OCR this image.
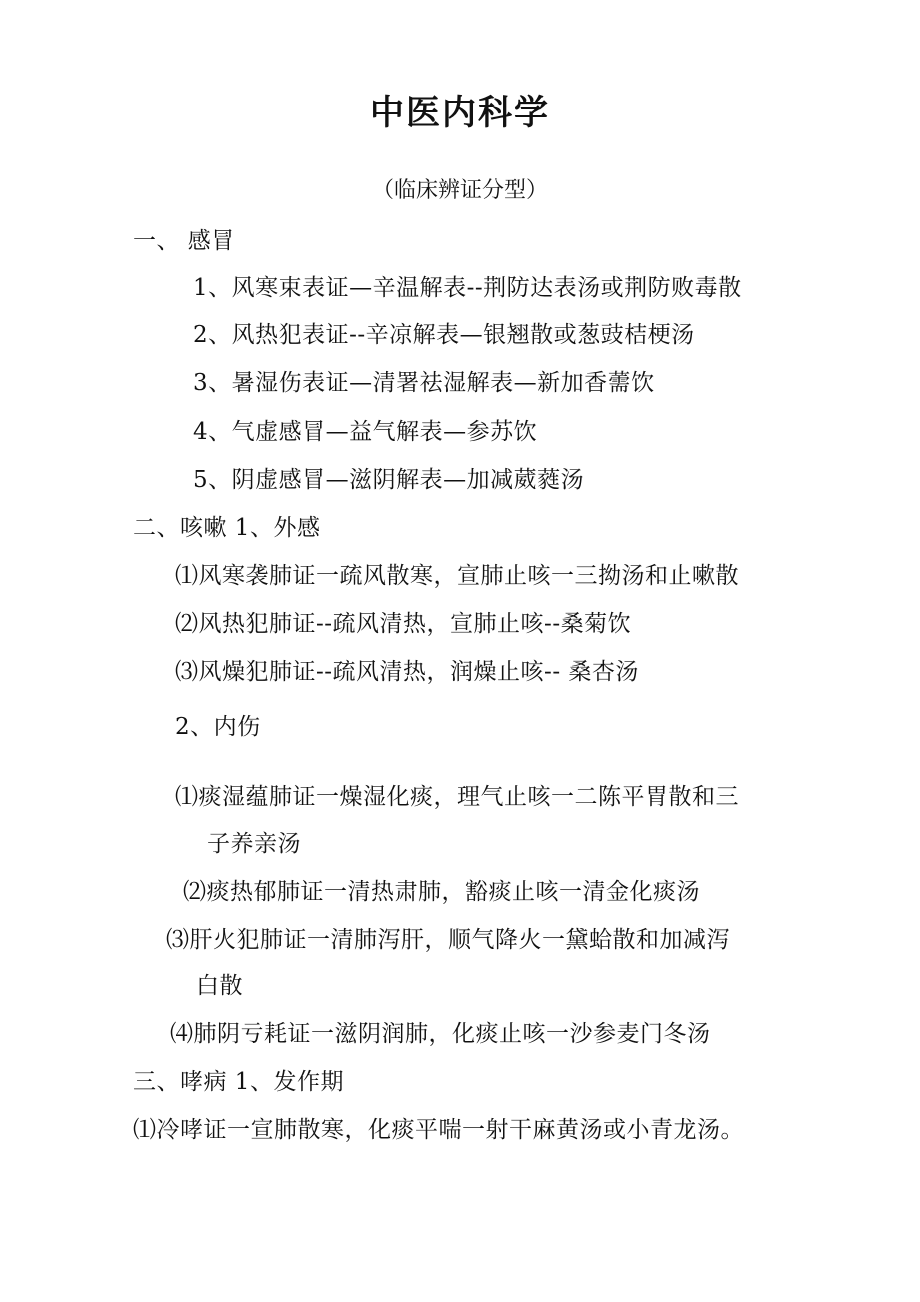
中医内科学
（临床辨证分型）
一、 感冒
1、风寒束表证—辛温解表--荆防达表汤或荆防败毒散
2、风热犯表证--辛凉解表—银翘散或葱豉桔梗汤
3、暑湿伤表证—清署祛湿解表—新加香薷饮
4、气虚感冒—益气解表—参苏饮
5、阴虚感冒—滋阴解表—加减葳蕤汤
二、咳嗽 1、外感
⑴风寒袭肺证一疏风散寒，宣肺止咳一三拗汤和止嗽散
⑵风热犯肺证--疏风清热，宣肺止咳--桑菊饮
⑶风燥犯肺证--疏风清热，润燥止咳-- 桑杏汤
2、内伤
⑴痰湿蕴肺证一燥湿化痰，理气止咳一二陈平胃散和三
子养亲汤
⑵痰热郁肺证一清热肃肺，豁痰止咳一清金化痰汤
⑶肝火犯肺证一清肺泻肝，顺气降火一黛蛤散和加减泻
白散
⑷肺阴亏耗证一滋阴润肺，化痰止咳一沙参麦门冬汤
三、哮病 1、发作期
⑴冷哮证一宣肺散寒，化痰平喘一射干麻黄汤或小青龙汤。
